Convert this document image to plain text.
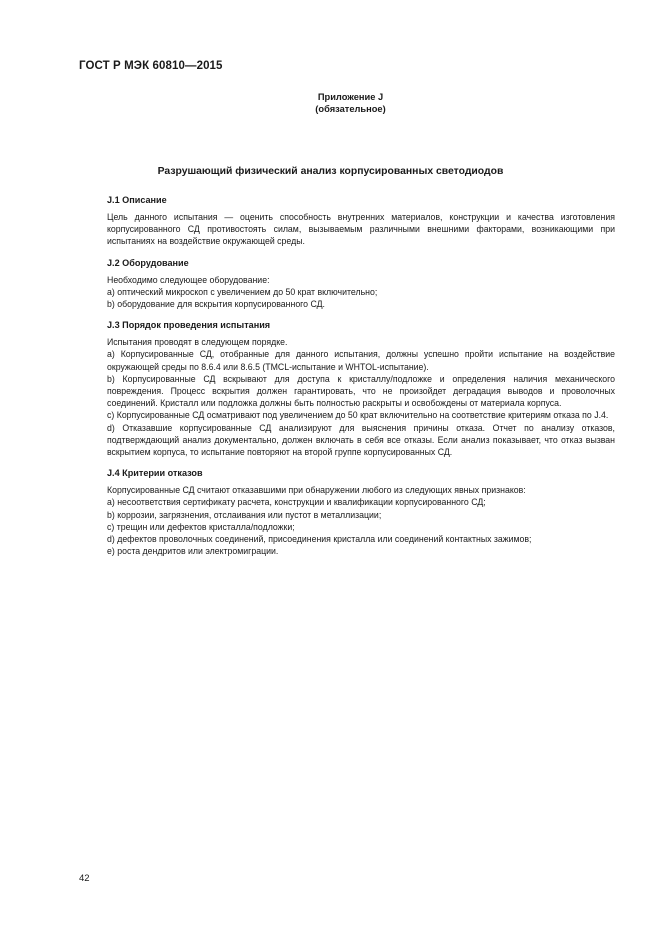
ГОСТ Р МЭК 60810—2015
Приложение J
(обязательное)
Разрушающий физический анализ корпусированных светодиодов
J.1 Описание

Цель данного испытания — оценить способность внутренних материалов, конструкции и качества изготовления корпусированного СД противостоять силам, вызываемым различными внешними факторами, возникающими при испытаниях на воздействие окружающей среды.

J.2 Оборудование

Необходимо следующее оборудование:

a) оптический микроскоп с увеличением до 50 крат включительно;

b) оборудование для вскрытия корпусированного СД.

J.3 Порядок проведения испытания

Испытания проводят в следующем порядке.

a) Корпусированные СД, отобранные для данного испытания, должны успешно пройти испытание на воздействие окружающей среды по 8.6.4 или 8.6.5 (TMCL-испытание и WHTOL-испытание).

b) Корпусированные СД вскрывают для доступа к кристаллу/подложке и определения наличия механического повреждения. Процесс вскрытия должен гарантировать, что не произойдет деградация выводов и проволочных соединений. Кристалл или подложка должны быть полностью раскрыты и освобождены от материала корпуса.

c) Корпусированные СД осматривают под увеличением до 50 крат включительно на соответствие критериям отказа по J.4.

d) Отказавшие корпусированные СД анализируют для выяснения причины отказа. Отчет по анализу отказов, подтверждающий анализ документально, должен включать в себя все отказы. Если анализ показывает, что отказ вызван вскрытием корпуса, то испытание повторяют на второй группе корпусированных СД.

J.4 Критерии отказов

Корпусированные СД считают отказавшими при обнаружении любого из следующих явных признаков:

a) несоответствия сертификату расчета, конструкции и квалификации корпусированного СД;

b) коррозии, загрязнения, отслаивания или пустот в металлизации;

c) трещин или дефектов кристалла/подложки;

d) дефектов проволочных соединений, присоединения кристалла или соединений контактных зажимов;

e) роста дендритов или электромиграции.

42
